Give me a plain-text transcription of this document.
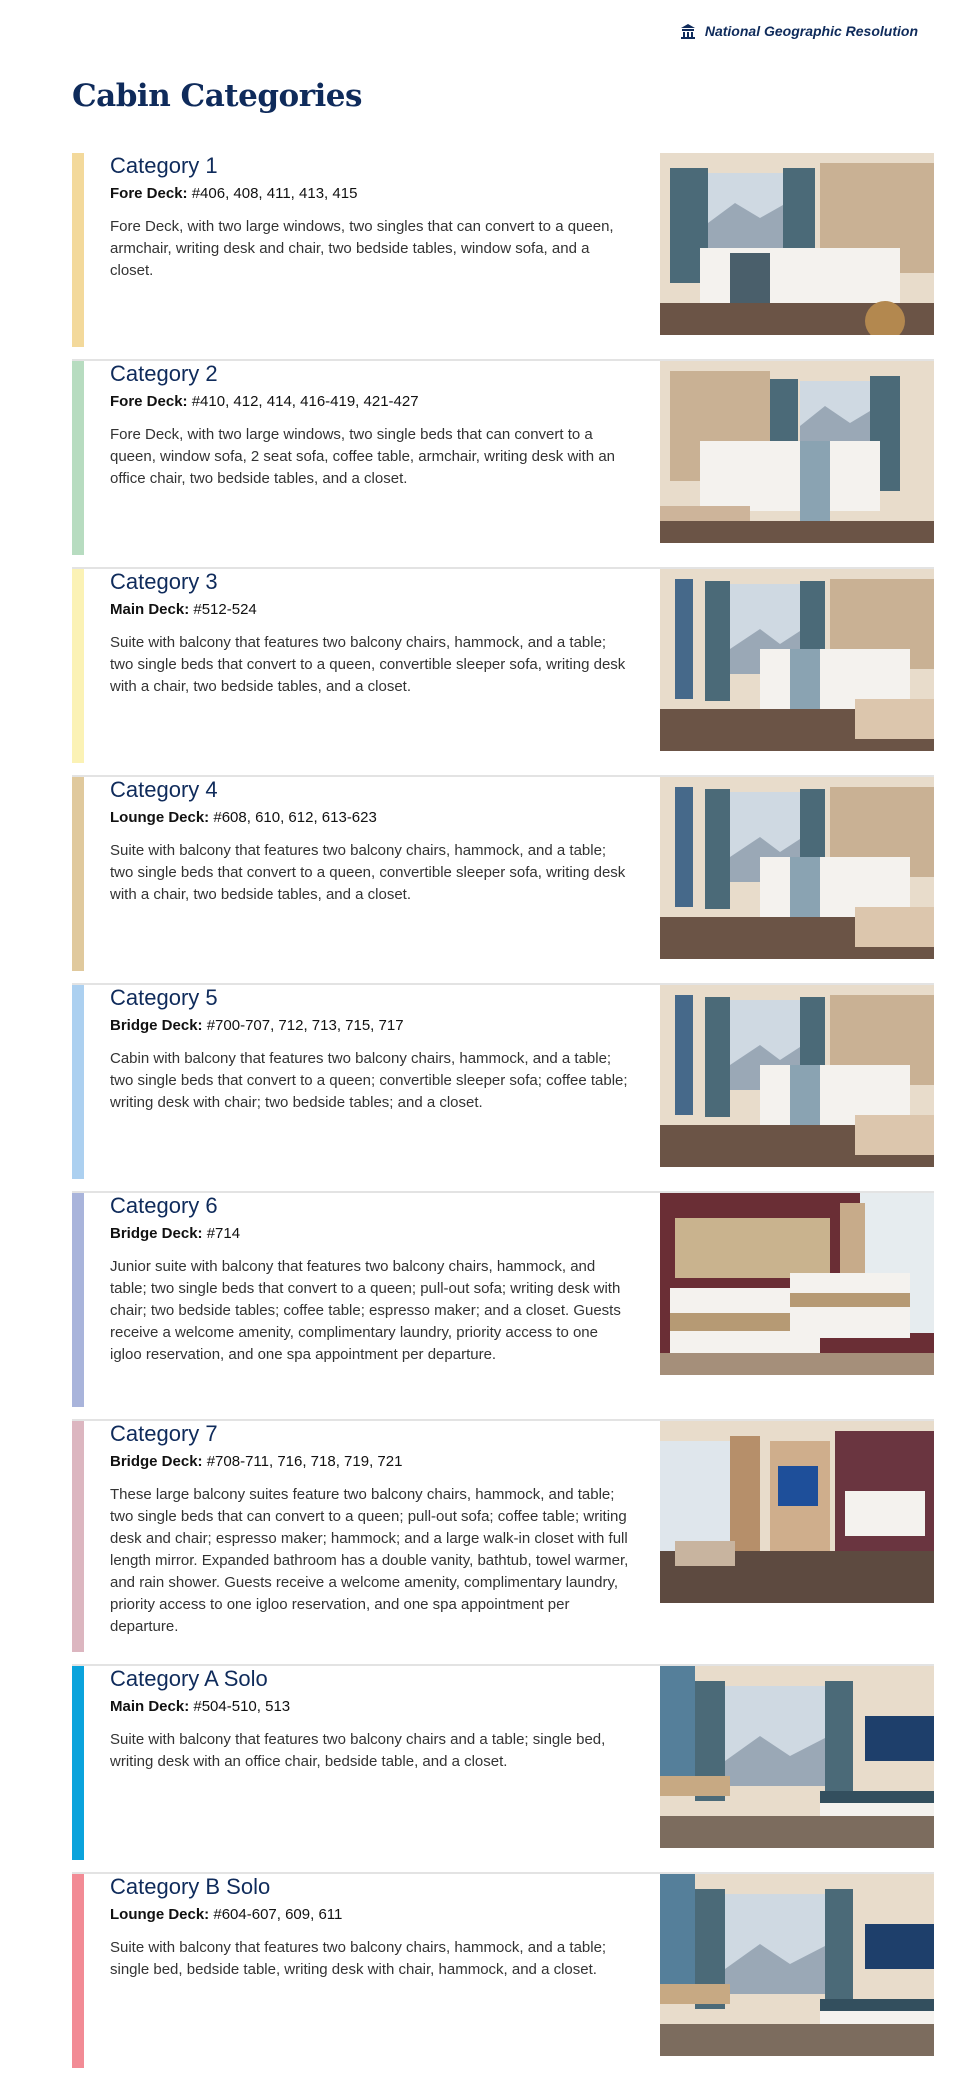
National Geographic Resolution
Cabin Categories
Category 1
Fore Deck: #406, 408, 411, 413, 415
Fore Deck, with two large windows, two singles that can convert to a queen, armchair, writing desk and chair, two bedside tables, window sofa, and a closet.
Category 2
Fore Deck: #410, 412, 414, 416-419, 421-427
Fore Deck, with two large windows, two single beds that can convert to a queen, window sofa, 2 seat sofa, coffee table, armchair, writing desk with an office chair, two bedside tables, and a closet.
Category 3
Main Deck: #512-524
Suite with balcony that features two balcony chairs, hammock, and a table; two single beds that convert to a queen, convertible sleeper sofa, writing desk with a chair, two bedside tables, and a closet.
Category 4
Lounge Deck: #608, 610, 612, 613-623
Suite with balcony that features two balcony chairs, hammock, and a table; two single beds that convert to a queen, convertible sleeper sofa, writing desk with a chair, two bedside tables, and a closet.
Category 5
Bridge Deck: #700-707, 712, 713, 715, 717
Cabin with balcony that features two balcony chairs, hammock, and a table; two single beds that convert to a queen; convertible sleeper sofa; coffee table; writing desk with chair; two bedside tables; and a closet.
Category 6
Bridge Deck: #714
Junior suite with balcony that features two balcony chairs, hammock, and table; two single beds that convert to a queen; pull-out sofa; writing desk with chair; two bedside tables; coffee table; espresso maker; and a closet. Guests receive a welcome amenity, complimentary laundry, priority access to one igloo reservation, and one spa appointment per departure.
Category 7
Bridge Deck: #708-711, 716, 718, 719, 721
These large balcony suites feature two balcony chairs, hammock, and table; two single beds that can convert to a queen; pull-out sofa; coffee table; writing desk and chair; espresso maker; hammock; and a large walk-in closet with full length mirror. Expanded bathroom has a double vanity, bathtub, towel warmer, and rain shower. Guests receive a welcome amenity, complimentary laundry, priority access to one igloo reservation, and one spa appointment per departure.
Category A Solo
Main Deck: #504-510, 513
Suite with balcony that features two balcony chairs and a table; single bed, writing desk with an office chair, bedside table, and a closet.
Category B Solo
Lounge Deck: #604-607, 609, 611
Suite with balcony that features two balcony chairs, hammock, and a table; single bed, bedside table, writing desk with chair, hammock, and a closet.
